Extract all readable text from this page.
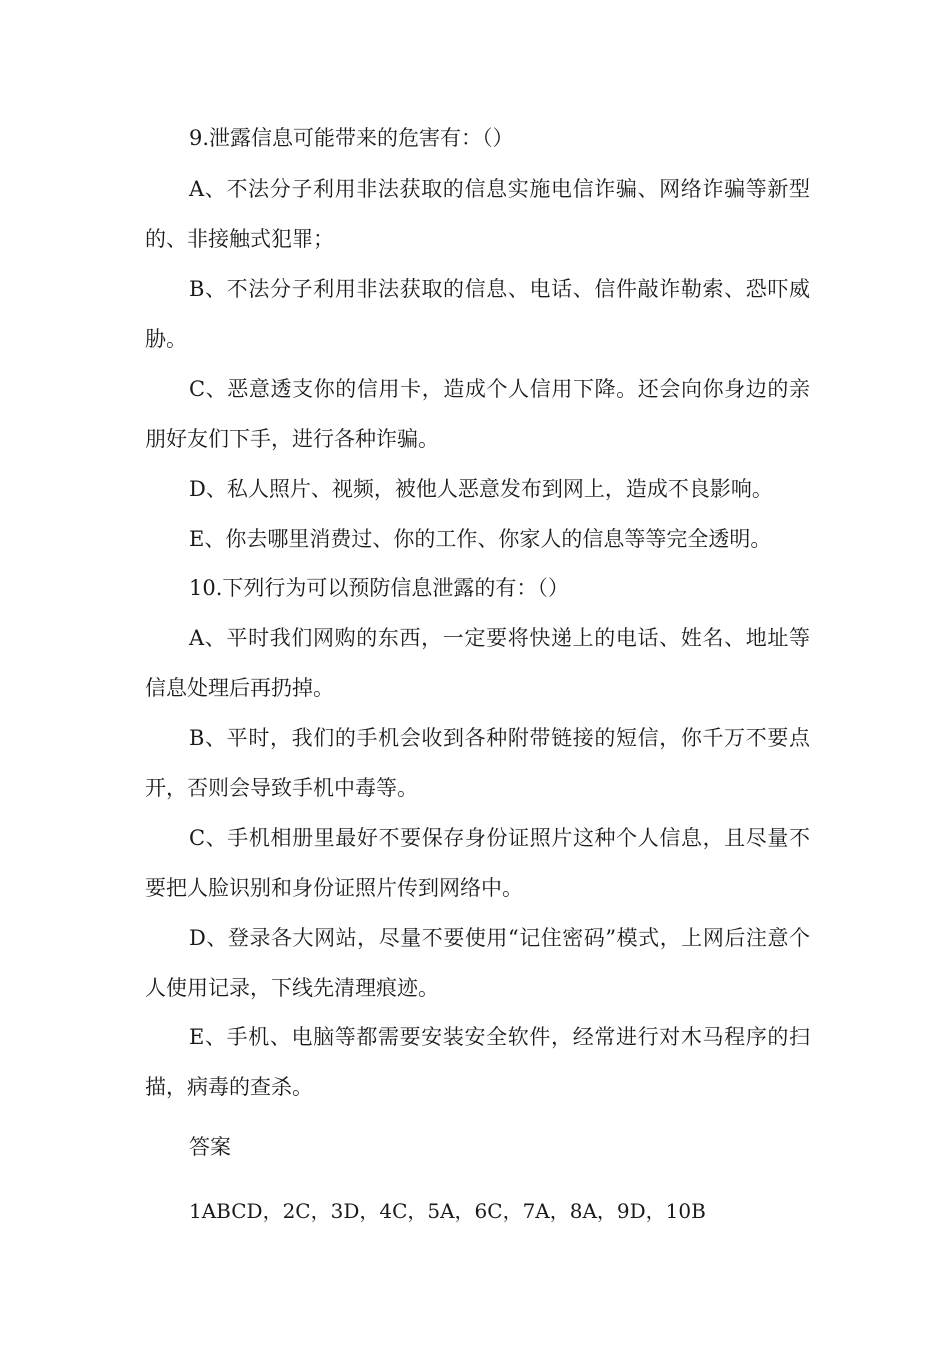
9.泄露信息可能带来的危害有：（）

A、不法分子利用非法获取的信息实施电信诈骗、网络诈骗等新型的、非接触式犯罪；

B、不法分子利用非法获取的信息、电话、信件敲诈勒索、恐吓威胁。

C、恶意透支你的信用卡，造成个人信用下降。还会向你身边的亲朋好友们下手，进行各种诈骗。

D、私人照片、视频，被他人恶意发布到网上，造成不良影响。

E、你去哪里消费过、你的工作、你家人的信息等等完全透明。

10.下列行为可以预防信息泄露的有：（）

A、平时我们网购的东西，一定要将快递上的电话、姓名、地址等信息处理后再扔掉。

B、平时，我们的手机会收到各种附带链接的短信，你千万不要点开，否则会导致手机中毒等。

C、手机相册里最好不要保存身份证照片这种个人信息，且尽量不要把人脸识别和身份证照片传到网络中。

D、登录各大网站，尽量不要使用“记住密码”模式，上网后注意个人使用记录，下线先清理痕迹。

E、手机、电脑等都需要安装安全软件，经常进行对木马程序的扫描，病毒的查杀。

答案

1ABCD，2C，3D，4C，5A，6C，7A，8A，9D，10B
